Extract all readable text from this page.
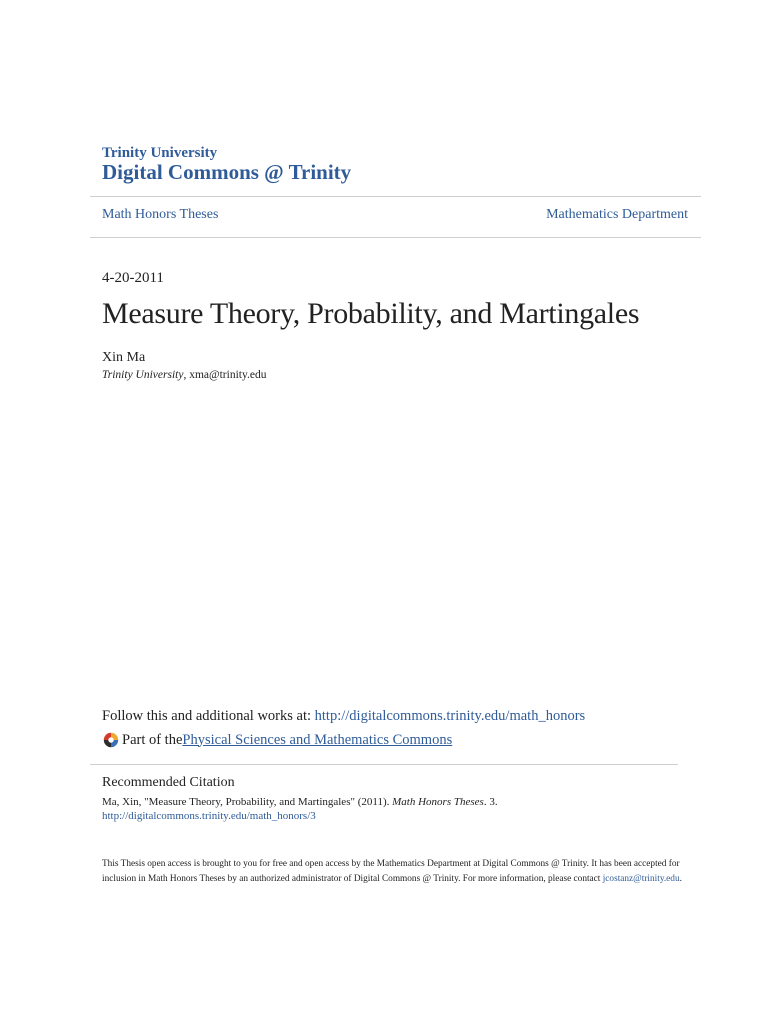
Trinity University
Digital Commons @ Trinity
Math Honors Theses	Mathematics Department
4-20-2011
Measure Theory, Probability, and Martingales
Xin Ma
Trinity University, xma@trinity.edu
Follow this and additional works at: http://digitalcommons.trinity.edu/math_honors
Part of the Physical Sciences and Mathematics Commons
Recommended Citation
Ma, Xin, "Measure Theory, Probability, and Martingales" (2011). Math Honors Theses. 3.
http://digitalcommons.trinity.edu/math_honors/3
This Thesis open access is brought to you for free and open access by the Mathematics Department at Digital Commons @ Trinity. It has been accepted for inclusion in Math Honors Theses by an authorized administrator of Digital Commons @ Trinity. For more information, please contact jcostanz@trinity.edu.
